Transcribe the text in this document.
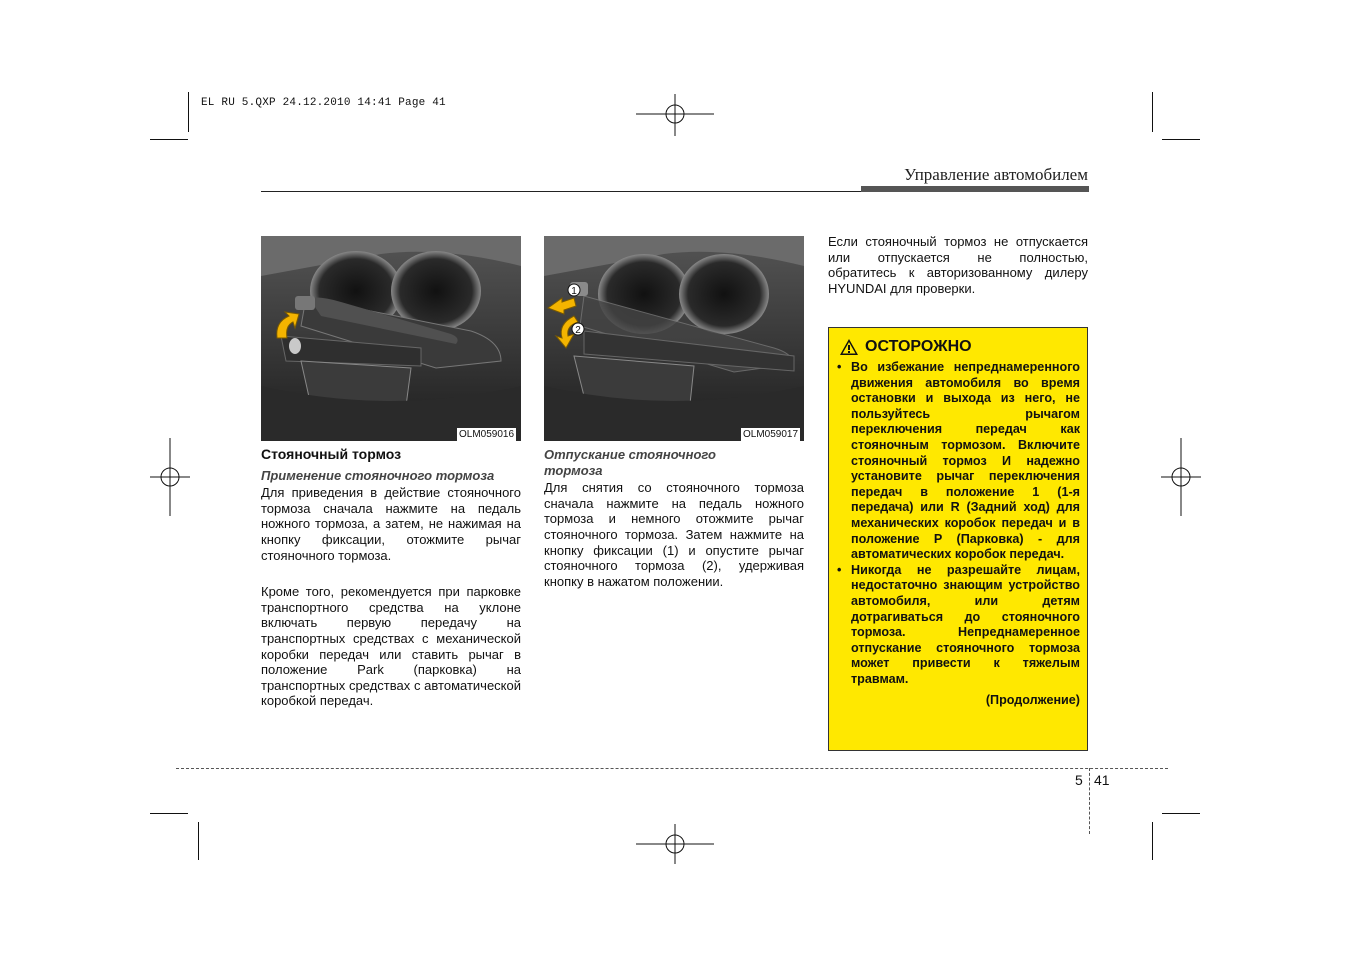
EL RU 5.QXP 24.12.2010 14:41 Page 41
Управление автомобилем
OLM059016
1
2
OLM059017

Стояночный тормоз

Применение стояночного тормоза

Для приведения в действие стояночного тормоза сначала нажмите на педаль ножного тормоза, а затем, не нажимая на кнопку фиксации, отожмите рычаг стояночного тормоза.

Кроме того, рекомендуется при парковке транспортного средства на уклоне включать первую передачу на транспортных средствах с механической коробки передач или ставить рычаг в положение Park (парковка) на транспортных средствах с автоматической коробкой передач.

Отпускание стояночного тормоза

Для снятия со стояночного тормоза сначала нажмите на педаль ножного тормоза и немного отожмите рычаг стояночного тормоза. Затем нажмите на кнопку фиксации (1) и опустите рычаг стояночного тормоза (2), удерживая кнопку в нажатом положении.

Если стояночный тормоз не отпускается или отпускается не полностью, обратитесь к авторизованному дилеру HYUNDAI для проверки.

ОСТОРОЖНО
• Во избежание непреднамеренного движения автомобиля во время остановки и выхода из него, не пользуйтесь рычагом переключения передач как стояночным тормозом. Включите стояночный тормоз И надежно установите рычаг переключения передач в положение 1 (1-я передача) или R (Задний ход) для механических коробок передач и в положение P (Парковка) - для автоматических коробок передач.
• Никогда не разрешайте лицам, недостаточно знающим устройство автомобиля, или детям дотрагиваться до стояночного тормоза. Непреднамеренное отпускание стояночного тормоза может привести к тяжелым травмам.
(Продолжение)
5 41
